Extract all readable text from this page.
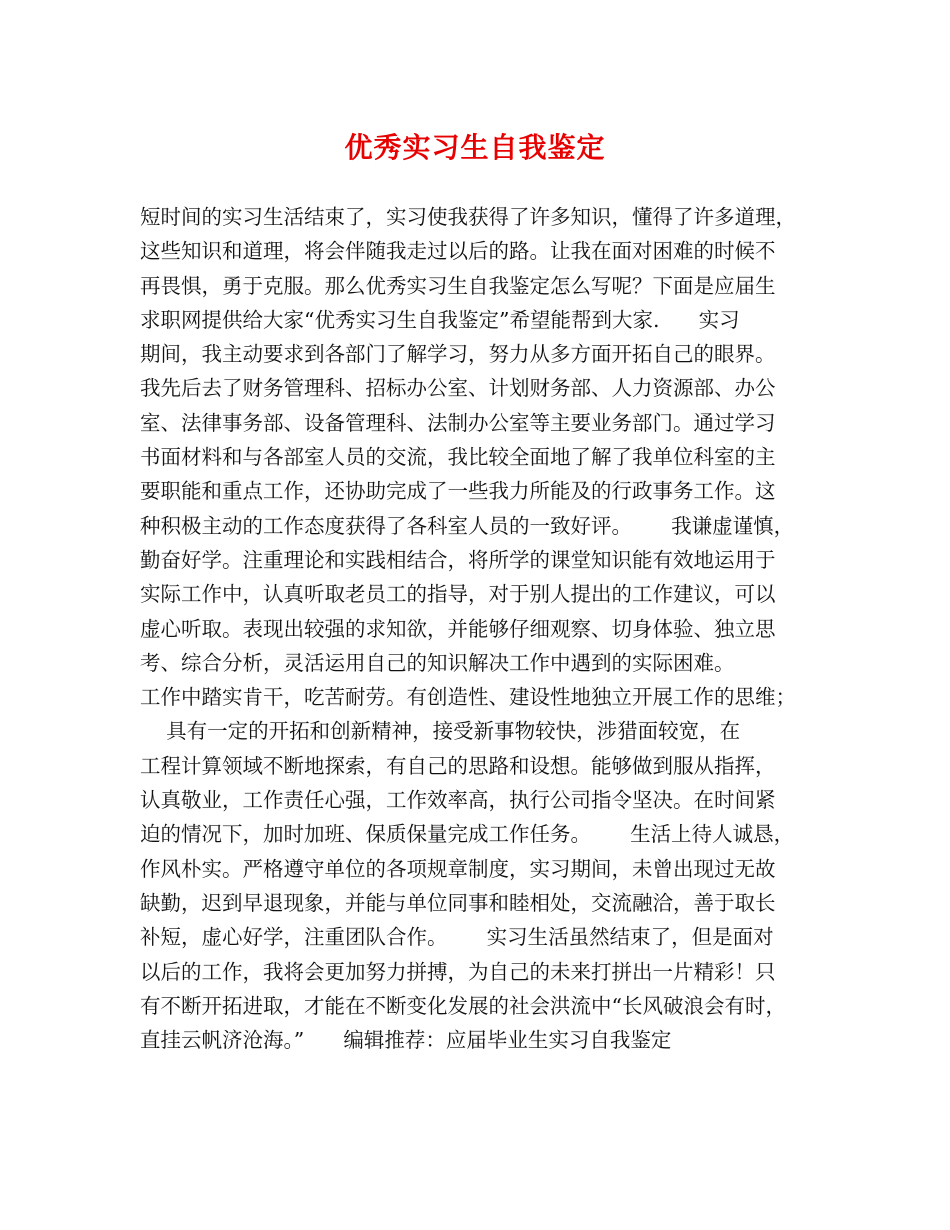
优秀实习生自我鉴定
短时间的实习生活结束了，实习使我获得了许多知识，懂得了许多道理，
这些知识和道理，将会伴随我走过以后的路。让我在面对困难的时候不
再畏惧，勇于克服。那么优秀实习生自我鉴定怎么写呢？下面是应届生
求职网提供给大家“优秀实习生自我鉴定”希望能帮到大家.      实习
期间，我主动要求到各部门了解学习，努力从多方面开拓自己的眼界。
我先后去了财务管理科、招标办公室、计划财务部、人力资源部、办公
室、法律事务部、设备管理科、法制办公室等主要业务部门。通过学习
书面材料和与各部室人员的交流，我比较全面地了解了我单位科室的主
要职能和重点工作，还协助完成了一些我力所能及的行政事务工作。这
种积极主动的工作态度获得了各科室人员的一致好评。      我谦虚谨慎，
勤奋好学。注重理论和实践相结合，将所学的课堂知识能有效地运用于
实际工作中，认真听取老员工的指导，对于别人提出的工作建议，可以
虚心听取。表现出较强的求知欲，并能够仔细观察、切身体验、独立思
考、综合分析，灵活运用自己的知识解决工作中遇到的实际困难。
工作中踏实肯干，吃苦耐劳。有创造性、建设性地独立开展工作的思维；
具有一定的开拓和创新精神，接受新事物较快，涉猎面较宽，在
工程计算领域不断地探索，有自己的思路和设想。能够做到服从指挥，
认真敬业，工作责任心强，工作效率高，执行公司指令坚决。在时间紧
迫的情况下，加时加班、保质保量完成工作任务。      生活上待人诚恳，
作风朴实。严格遵守单位的各项规章制度，实习期间，未曾出现过无故
缺勤，迟到早退现象，并能与单位同事和睦相处，交流融洽，善于取长
补短，虚心好学，注重团队合作。      实习生活虽然结束了，但是面对
以后的工作，我将会更加努力拼搏，为自己的未来打拼出一片精彩！只
有不断开拓进取，才能在不断变化发展的社会洪流中“长风破浪会有时，
直挂云帆济沧海。”      编辑推荐：应届毕业生实习自我鉴定
